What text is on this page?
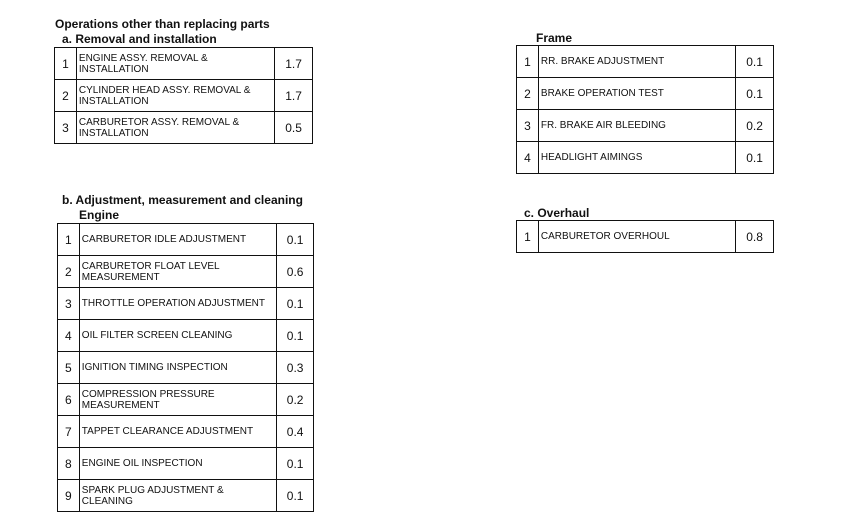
Operations other than replacing parts
a. Removal and installation
1	ENGINE ASSY. REMOVAL & INSTALLATION	1.7
2	CYLINDER HEAD ASSY. REMOVAL & INSTALLATION	1.7
3	CARBURETOR ASSY. REMOVAL & INSTALLATION	0.5
b. Adjustment, measurement and cleaning
Engine
1	CARBURETOR IDLE ADJUSTMENT	0.1
2	CARBURETOR FLOAT LEVEL MEASUREMENT	0.6
3	THROTTLE OPERATION ADJUSTMENT	0.1
4	OIL FILTER SCREEN CLEANING	0.1
5	IGNITION TIMING INSPECTION	0.3
6	COMPRESSION PRESSURE MEASUREMENT	0.2
7	TAPPET CLEARANCE ADJUSTMENT	0.4
8	ENGINE OIL INSPECTION	0.1
9	SPARK PLUG ADJUSTMENT & CLEANING	0.1
Frame
1	RR. BRAKE ADJUSTMENT	0.1
2	BRAKE OPERATION TEST	0.1
3	FR. BRAKE AIR BLEEDING	0.2
4	HEADLIGHT AIMINGS	0.1
c. Overhaul
1	CARBURETOR OVERHOUL	0.8
